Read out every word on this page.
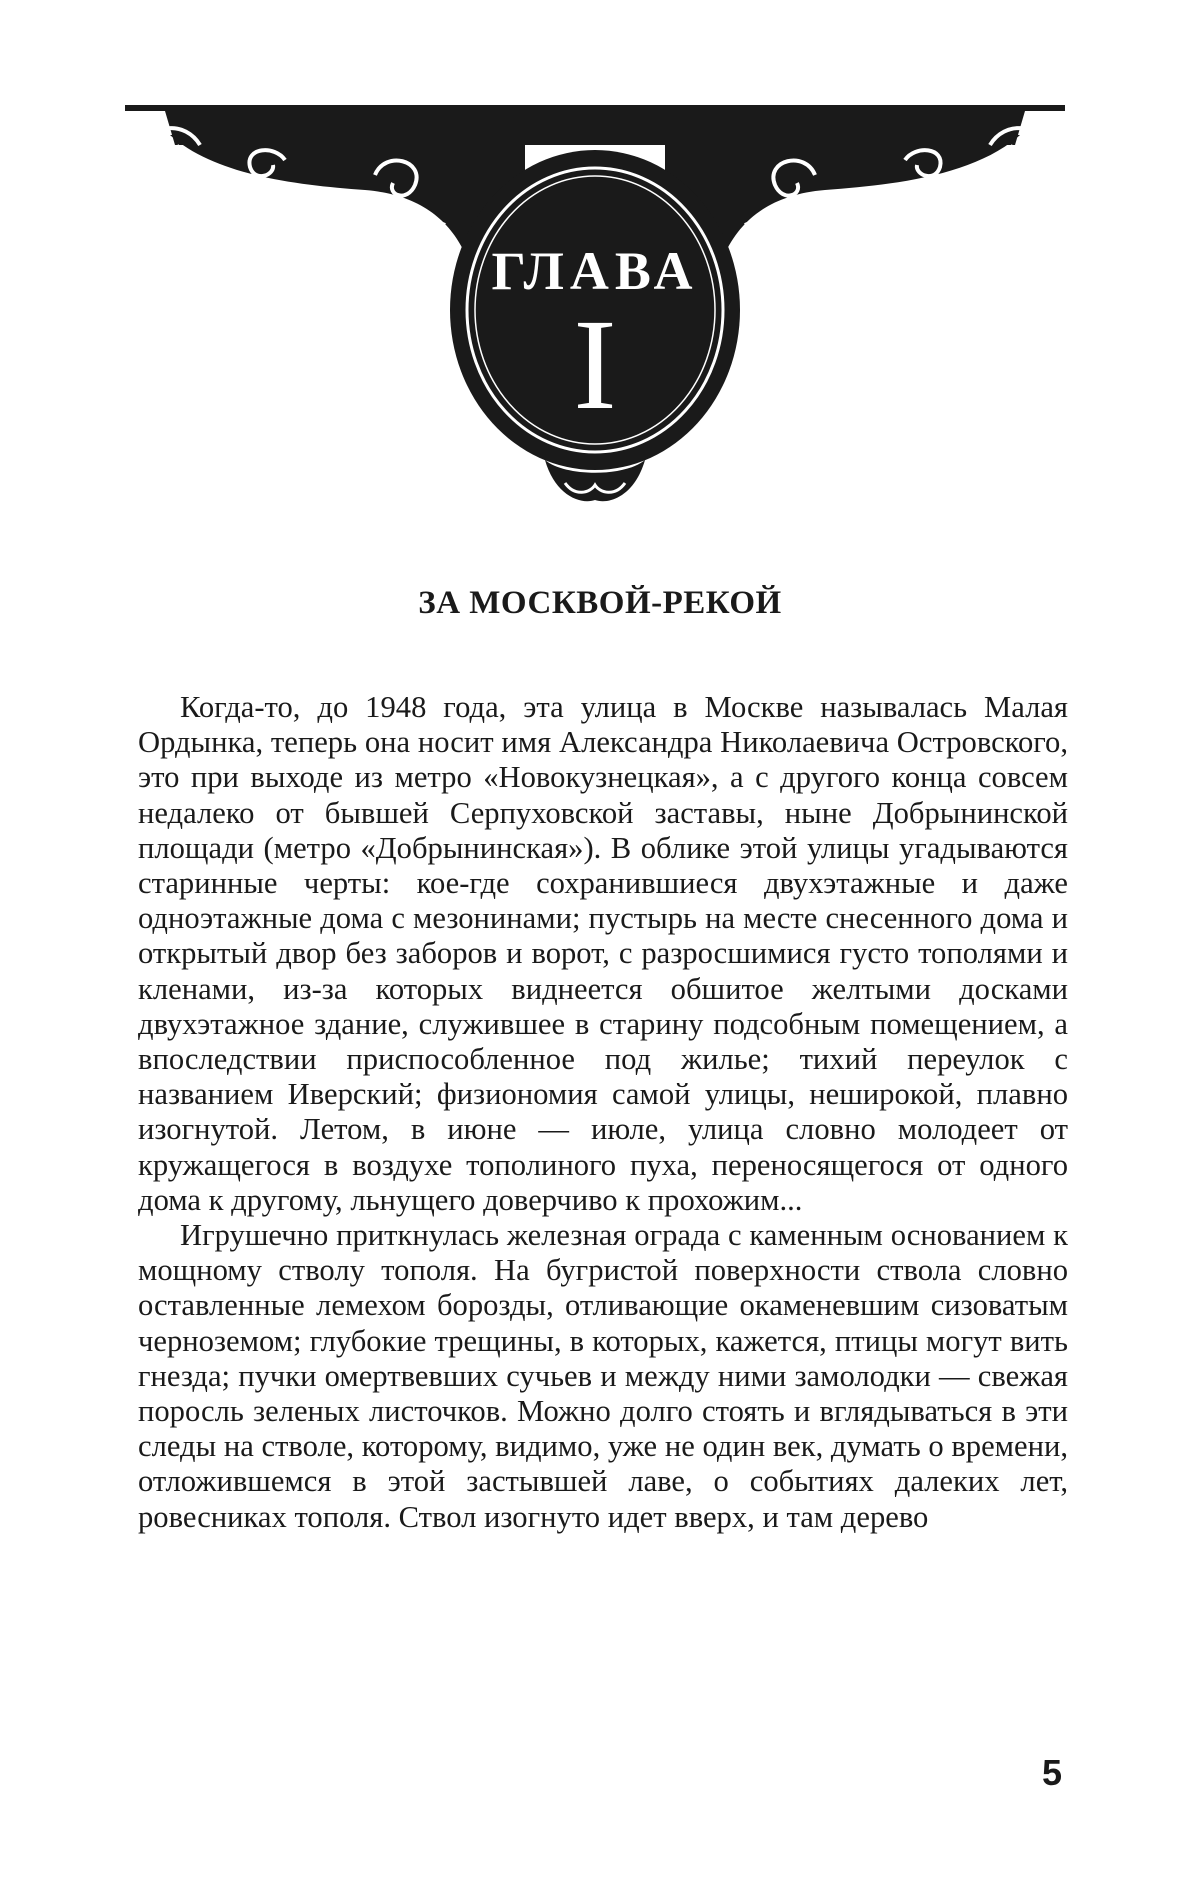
ГЛАВА
I
ЗА МОСКВОЙ-РЕКОЙ

Когда-то, до 1948 года, эта улица в Москве называлась Малая Ордынка, теперь она носит имя Александра Николаевича Островского, это при выходе из метро «Новокузнецкая», а с другого конца совсем недалеко от бывшей Серпуховской заставы, ныне Добрынинской площади (метро «Добрынинская»). В облике этой улицы угадываются старинные черты: кое-где сохранившиеся двухэтажные и даже одноэтажные дома с мезонинами; пустырь на месте снесенного дома и открытый двор без заборов и ворот, с разросшимися густо тополями и кленами, из-за которых виднеется обшитое желтыми досками двухэтажное здание, служившее в старину подсобным помещением, а впоследствии приспособленное под жилье; тихий переулок с названием Иверский; физиономия самой улицы, неширокой, плавно изогнутой. Летом, в июне — июле, улица словно молодеет от кружащегося в воздухе тополиного пуха, переносящегося от одного дома к другому, льнущего доверчиво к прохожим...

Игрушечно приткнулась железная ограда с каменным основанием к мощному стволу тополя. На бугристой поверхности ствола словно оставленные лемехом борозды, отливающие окаменевшим сизоватым черноземом; глубокие трещины, в которых, кажется, птицы могут вить гнезда; пучки омертвевших сучьев и между ними замолодки — свежая поросль зеленых листочков. Можно долго стоять и вглядываться в эти следы на стволе, которому, видимо, уже не один век, думать о времени, отложившемся в этой застывшей лаве, о событиях далеких лет, ровесниках тополя. Ствол изогнуто идет вверх, и там дерево

5
